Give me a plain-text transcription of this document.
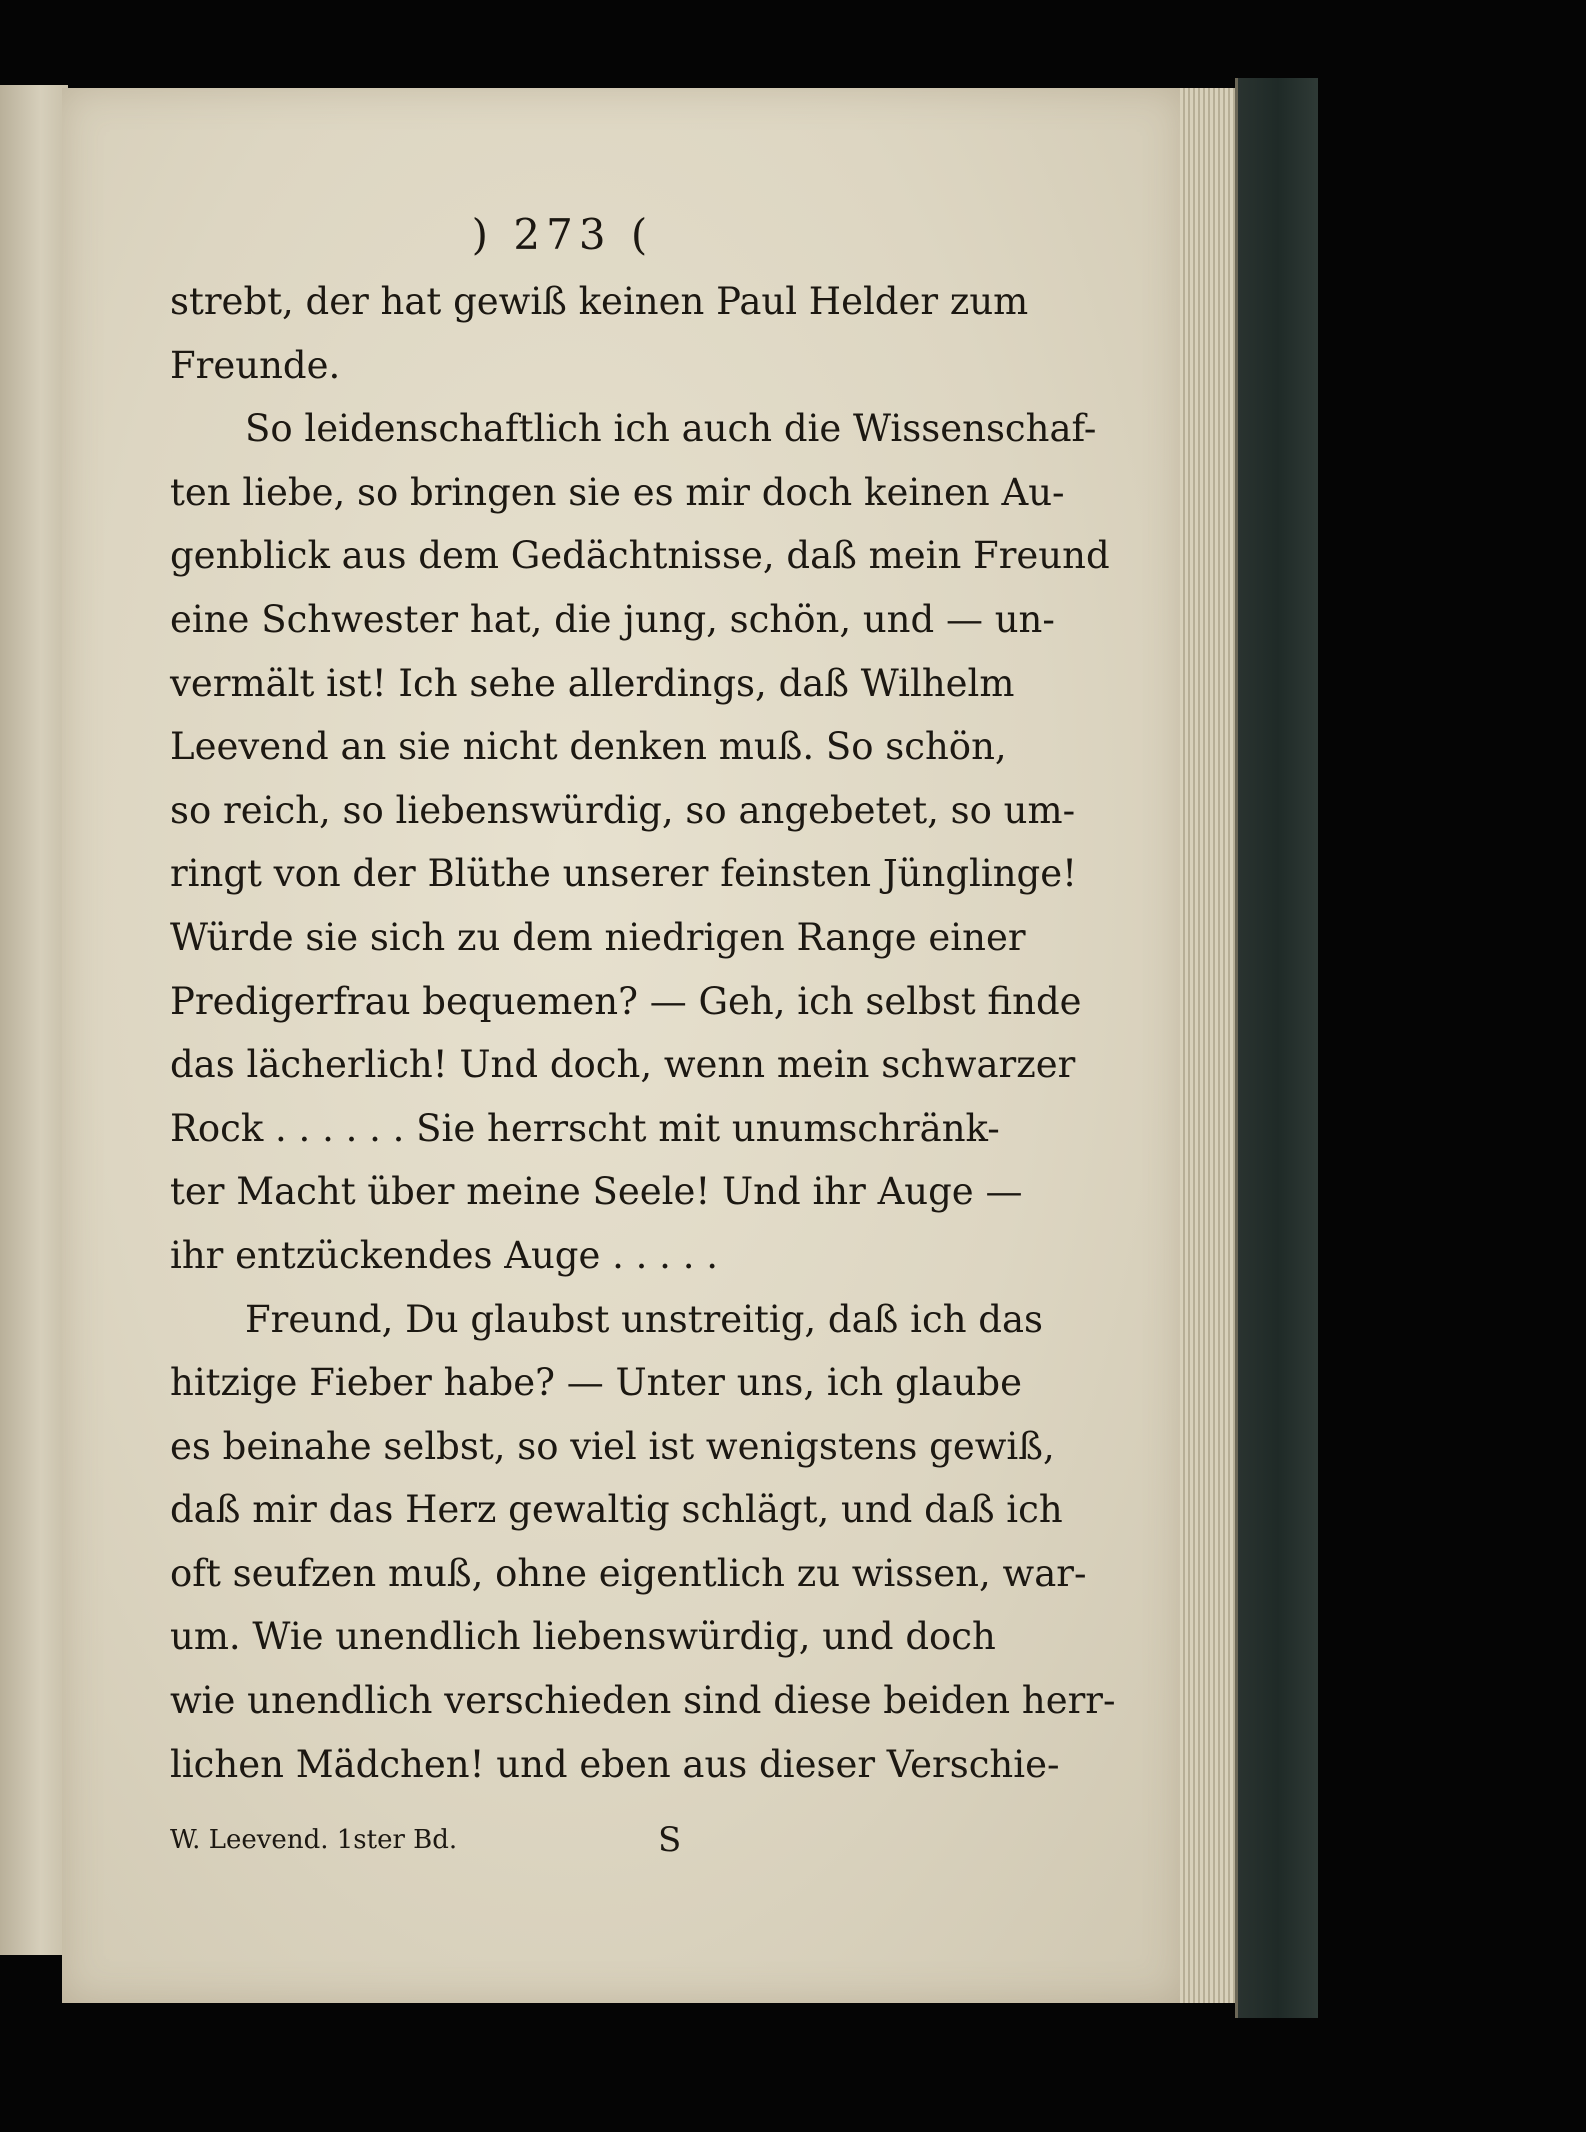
) 273 (
strebt, der hat gewiß keinen Paul Helder zum
Freunde.
So leidenschaftlich ich auch die Wissenschaf-
ten liebe, so bringen sie es mir doch keinen Au-
genblick aus dem Gedächtnisse, daß mein Freund
eine Schwester hat, die jung, schön, und — un-
vermält ist! Ich sehe allerdings, daß Wilhelm
Leevend an sie nicht denken muß. So schön,
so reich, so liebenswürdig, so angebetet, so um-
ringt von der Blüthe unserer feinsten Jünglinge!
Würde sie sich zu dem niedrigen Range einer
Predigerfrau bequemen? — Geh, ich selbst finde
das lächerlich! Und doch, wenn mein schwarzer
Rock . . . . . . Sie herrscht mit unumschränk-
ter Macht über meine Seele! Und ihr Auge —
ihr entzückendes Auge . . . . .
Freund, Du glaubst unstreitig, daß ich das
hitzige Fieber habe? — Unter uns, ich glaube
es beinahe selbst, so viel ist wenigstens gewiß,
daß mir das Herz gewaltig schlägt, und daß ich
oft seufzen muß, ohne eigentlich zu wissen, war-
um. Wie unendlich liebenswürdig, und doch
wie unendlich verschieden sind diese beiden herr-
lichen Mädchen! und eben aus dieser Verschie-
W. Leevend. 1ster Bd.	S
